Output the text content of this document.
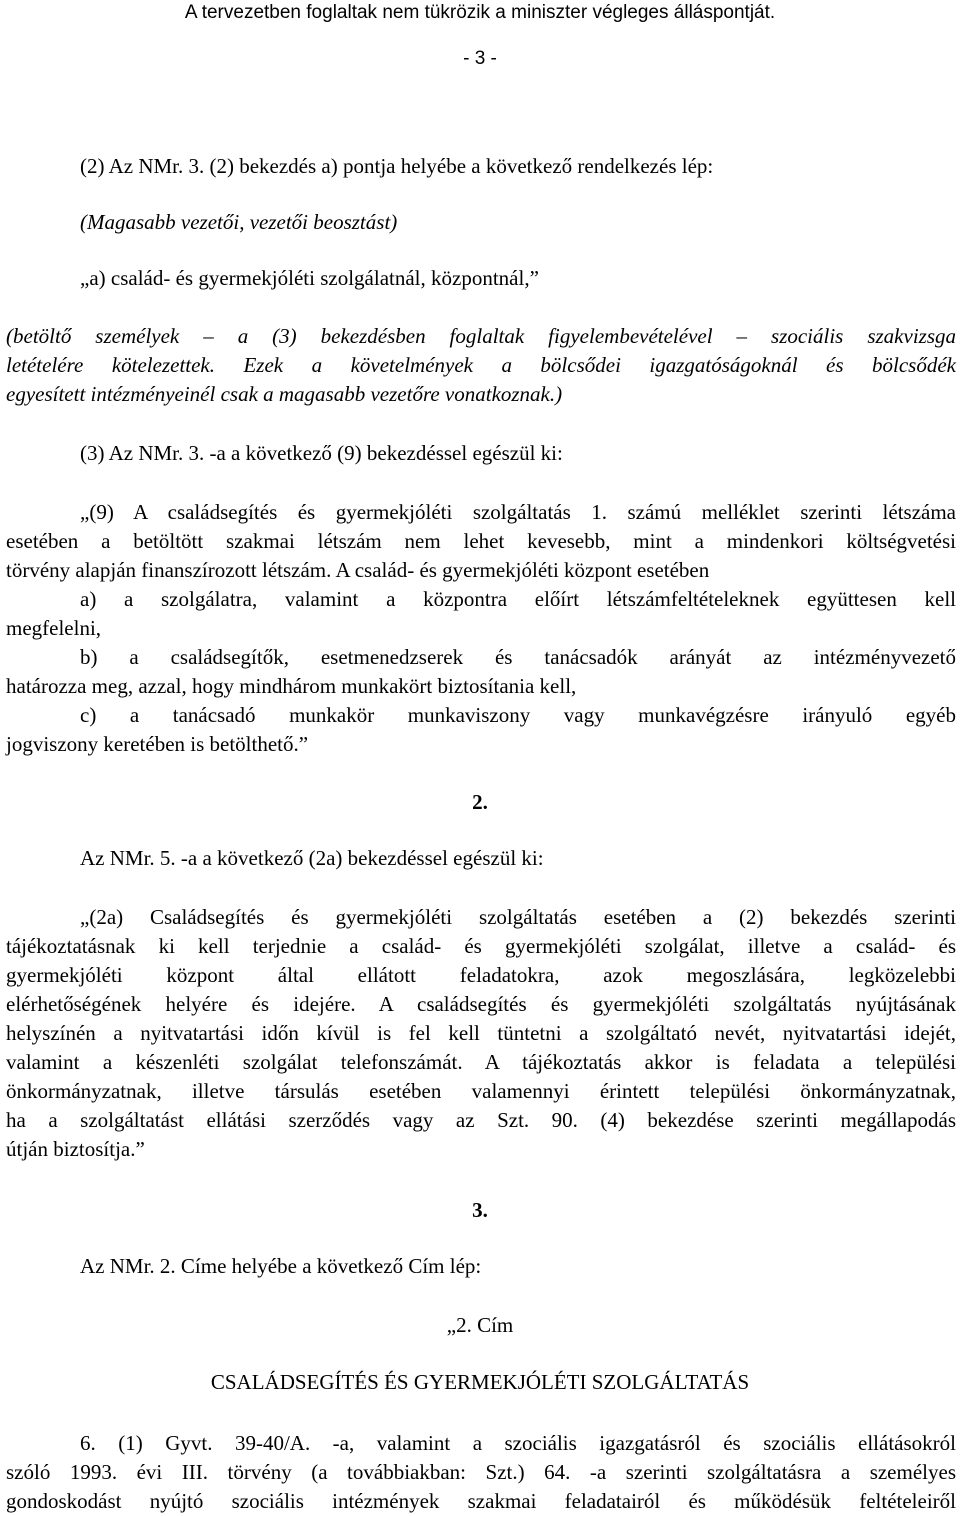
A tervezetben foglaltak nem tükrözik a miniszter végleges álláspontját.
- 3 -
(2) Az NMr. 3. (2) bekezdés a) pontja helyébe a következő rendelkezés lép:
(Magasabb vezetői, vezetői beosztást)
„a) család- és gyermekjóléti szolgálatnál, központnál,”
(betöltő személyek – a (3) bekezdésben foglaltak figyelembevételével – szociális szakvizsga
letételére kötelezettek. Ezek a követelmények a bölcsődei igazgatóságoknál és bölcsődék
egyesített intézményeinél csak a magasabb vezetőre vonatkoznak.)
(3) Az NMr. 3. -a a következő (9) bekezdéssel egészül ki:
„(9) A családsegítés és gyermekjóléti szolgáltatás 1. számú melléklet szerinti létszáma
esetében a betöltött szakmai létszám nem lehet kevesebb, mint a mindenkori költségvetési
törvény alapján finanszírozott létszám. A család- és gyermekjóléti központ esetében
a) a szolgálatra, valamint a központra előírt létszámfeltételeknek együttesen kell
megfelelni,
b) a családsegítők, esetmenedzserek és tanácsadók arányát az intézményvezető
határozza meg, azzal, hogy mindhárom munkakört biztosítania kell,
c) a tanácsadó munkakör munkaviszony vagy munkavégzésre irányuló egyéb
jogviszony keretében is betölthető.”
2.
Az NMr. 5. -a a következő (2a) bekezdéssel egészül ki:
„(2a) Családsegítés és gyermekjóléti szolgáltatás esetében a (2) bekezdés szerinti
tájékoztatásnak ki kell terjednie a család- és gyermekjóléti szolgálat, illetve a család- és
gyermekjóléti központ által ellátott feladatokra, azok megoszlására, legközelebbi
elérhetőségének helyére és idejére. A családsegítés és gyermekjóléti szolgáltatás nyújtásának
helyszínén a nyitvatartási időn kívül is fel kell tüntetni a szolgáltató nevét, nyitvatartási idejét,
valamint a készenléti szolgálat telefonszámát. A tájékoztatás akkor is feladata a települési
önkormányzatnak, illetve társulás esetében valamennyi érintett települési önkormányzatnak,
ha a szolgáltatást ellátási szerződés vagy az Szt. 90. (4) bekezdése szerinti megállapodás
útján biztosítja.”
3.
Az NMr. 2. Címe helyébe a következő Cím lép:
„2. Cím
CSALÁDSEGÍTÉS ÉS GYERMEKJÓLÉTI SZOLGÁLTATÁS
6. (1) Gyvt. 39-40/A. -a, valamint a szociális igazgatásról és szociális ellátásokról
szóló 1993. évi III. törvény (a továbbiakban: Szt.) 64. -a szerinti szolgáltatásra a személyes
gondoskodást nyújtó szociális intézmények szakmai feladatairól és működésük feltételeiről
